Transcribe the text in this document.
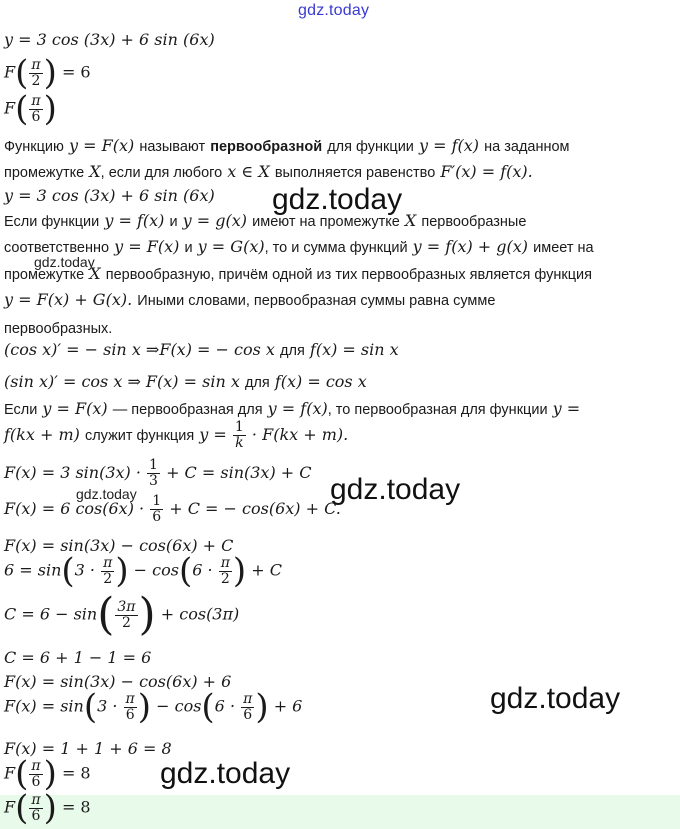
gdz.today
gdz.today
gdz.today
gdz.today
gdz.today
gdz.today
gdz.today
y = 3 cos (3x) + 6 sin (6x)
$F( \frac{\pi}{2}$ ) = 6
$F( \frac{\pi}{6}$ )
Функцию y = F(x) называют первообразной для функции y = f(x) на заданном
промежутке X, если для любого x ∈ X выполняется равенство F′(x) = f(x).
y = 3 cos (3x) + 6 sin (6x)
Если функции y = f(x) и y = g(x) имеют на промежутке X первообразные
соответственно y = F(x) и y = G(x), то и сумма функций y = f(x) + g(x) имеет на
промежутке X первообразную, причём одной из тих первообразных является функция
y = F(x) + G(x). Иными словами, первообразная суммы равна сумме
первообразных.
(cos x)′ = − sin x ⇒F(x) = − cos x для f(x) = sin x
(sin x)′ = cos x ⇒ F(x) = sin x для f(x) = cos x
Если y = F(x) — первообразная для y = f(x), то первообразная для функции y =
f(kx + m) служит функция $y = \frac{1}{k} \cdot F(kx + m)$.
F(x) = 3 $\sin(3x) \cdot \frac{1}{3} + C = \sin(3x) + C$
F(x) = 6 $\cos(6x) \cdot \frac{1}{6} + C$ = − cos(6x) + C.
F(x) = sin(3x) − cos(6x) + C
$6 = \sin(3 \cdot \frac{\pi}{2}$ ) − $\cos(6 \cdot \frac{\pi}{2}$ ) + C
$C = 6 - \sin( \frac{3\pi}{2}$ ) + cos(3π)
C = 6 + 1 − 1 = 6
F(x) = sin(3x) − cos(6x) + 6
$F(x) = \sin(3 \cdot \frac{\pi}{6}$ ) − $\cos(6 \cdot \frac{\pi}{6}$ ) + 6
F(x) = 1 + 1 + 6 = 8
$F( \frac{\pi}{6}$ ) = 8
$F( \frac{\pi}{6}$ ) = 8
